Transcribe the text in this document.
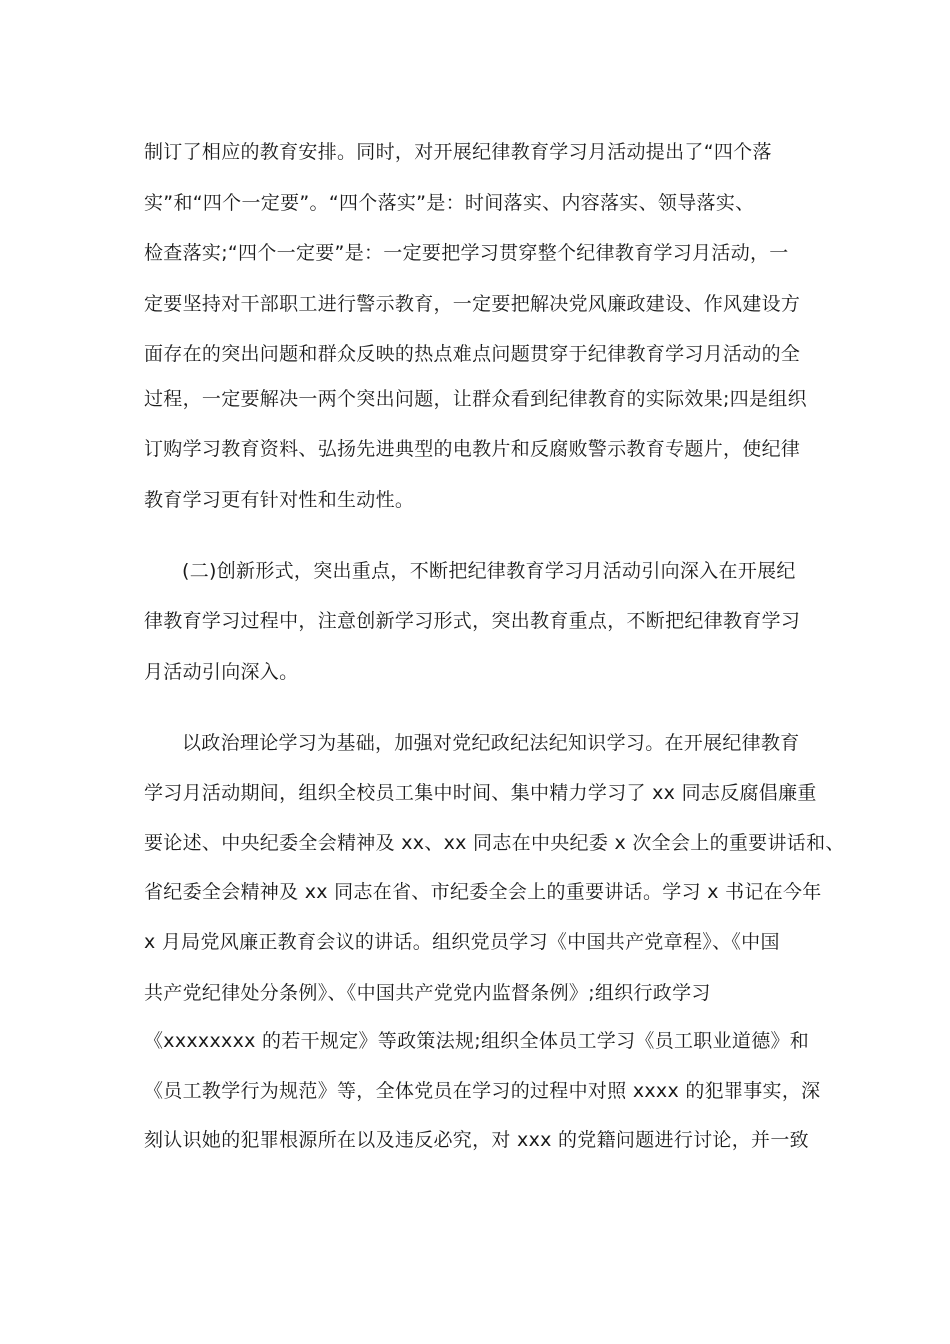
制订了相应的教育安排。同时，对开展纪律教育学习月活动提出了“四个落
实”和“四个一定要”。“四个落实”是：时间落实、内容落实、领导落实、
检查落实;“四个一定要”是：一定要把学习贯穿整个纪律教育学习月活动，一
定要坚持对干部职工进行警示教育，一定要把解决党风廉政建设、作风建设方
面存在的突出问题和群众反映的热点难点问题贯穿于纪律教育学习月活动的全
过程，一定要解决一两个突出问题，让群众看到纪律教育的实际效果;四是组织
订购学习教育资料、弘扬先进典型的电教片和反腐败警示教育专题片，使纪律
教育学习更有针对性和生动性。
(二)创新形式，突出重点，不断把纪律教育学习月活动引向深入在开展纪
律教育学习过程中，注意创新学习形式，突出教育重点，不断把纪律教育学习
月活动引向深入。
以政治理论学习为基础，加强对党纪政纪法纪知识学习。在开展纪律教育
学习月活动期间，组织全校员工集中时间、集中精力学习了 xx 同志反腐倡廉重
要论述、中央纪委全会精神及 xx、xx 同志在中央纪委 x 次全会上的重要讲话和、
省纪委全会精神及 xx 同志在省、市纪委全会上的重要讲话。学习 x 书记在今年
x 月局党风廉正教育会议的讲话。组织党员学习《中国共产党章程》、《中国
共产党纪律处分条例》、《中国共产党党内监督条例》;组织行政学习
《xxxxxxxx 的若干规定》等政策法规;组织全体员工学习《员工职业道德》和
《员工教学行为规范》等，全体党员在学习的过程中对照 xxxx 的犯罪事实，深
刻认识她的犯罪根源所在以及违反必究，对 xxx 的党籍问题进行讨论，并一致
